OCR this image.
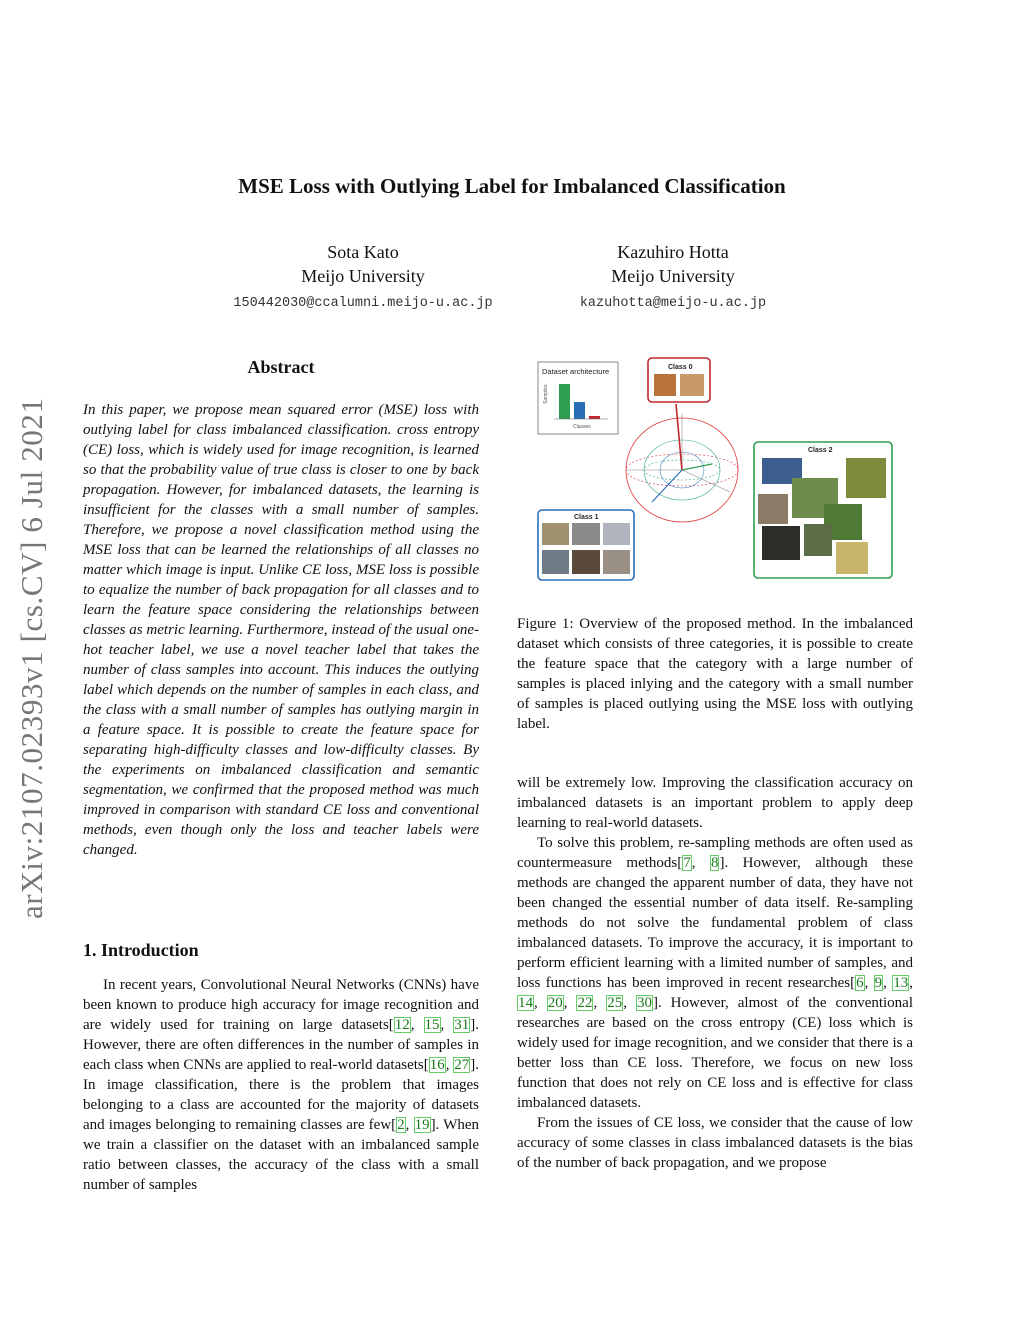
arXiv:2107.02393v1 [cs.CV] 6 Jul 2021
MSE Loss with Outlying Label for Imbalanced Classification
Sota Kato
Meijo University
150442030@ccalumni.meijo-u.ac.jp
Kazuhiro Hotta
Meijo University
kazuhotta@meijo-u.ac.jp
Abstract
In this paper, we propose mean squared error (MSE) loss with outlying label for class imbalanced classification. cross entropy (CE) loss, which is widely used for image recognition, is learned so that the probability value of true class is closer to one by back propagation. However, for imbalanced datasets, the learning is insufficient for the classes with a small number of samples. Therefore, we propose a novel classification method using the MSE loss that can be learned the relationships of all classes no matter which image is input. Unlike CE loss, MSE loss is possible to equalize the number of back propagation for all classes and to learn the feature space considering the relationships between classes as metric learning. Furthermore, instead of the usual one-hot teacher label, we use a novel teacher label that takes the number of class samples into account. This induces the outlying label which depends on the number of samples in each class, and the class with a small number of samples has outlying margin in a feature space. It is possible to create the feature space for separating high-difficulty classes and low-difficulty classes. By the experiments on imbalanced classification and semantic segmentation, we confirmed that the proposed method was much improved in comparison with standard CE loss and conventional methods, even though only the loss and teacher labels were changed.
1. Introduction
In recent years, Convolutional Neural Networks (CNNs) have been known to produce high accuracy for image recognition and are widely used for training on large datasets[12, 15, 31]. However, there are often differences in the number of samples in each class when CNNs are applied to real-world datasets[16, 27]. In image classification, there is the problem that images belonging to a class are accounted for the majority of datasets and images belonging to remaining classes are few[2, 19]. When we train a classifier on the dataset with an imbalanced sample ratio between classes, the accuracy of the class with a small number of samples
Dataset architecture
Samples
Classes
Class 0
Class 1
Class 2
Figure 1: Overview of the proposed method. In the imbalanced dataset which consists of three categories, it is possible to create the feature space that the category with a large number of samples is placed inlying and the category with a small number of samples is placed outlying using the MSE loss with outlying label.

will be extremely low. Improving the classification accuracy on imbalanced datasets is an important problem to apply deep learning to real-world datasets.

To solve this problem, re-sampling methods are often used as countermeasure methods[7, 8]. However, although these methods are changed the apparent number of data, they have not been changed the essential number of data itself. Re-sampling methods do not solve the fundamental problem of class imbalanced datasets. To improve the accuracy, it is important to perform efficient learning with a limited number of samples, and loss functions has been improved in recent researches[6, 9, 13, 14, 20, 22, 25, 30]. However, almost of the conventional researches are based on the cross entropy (CE) loss which is widely used for image recognition, and we consider that there is a better loss than CE loss. Therefore, we focus on new loss function that does not rely on CE loss and is effective for class imbalanced datasets.

From the issues of CE loss, we consider that the cause of low accuracy of some classes in class imbalanced datasets is the bias of the number of back propagation, and we propose
